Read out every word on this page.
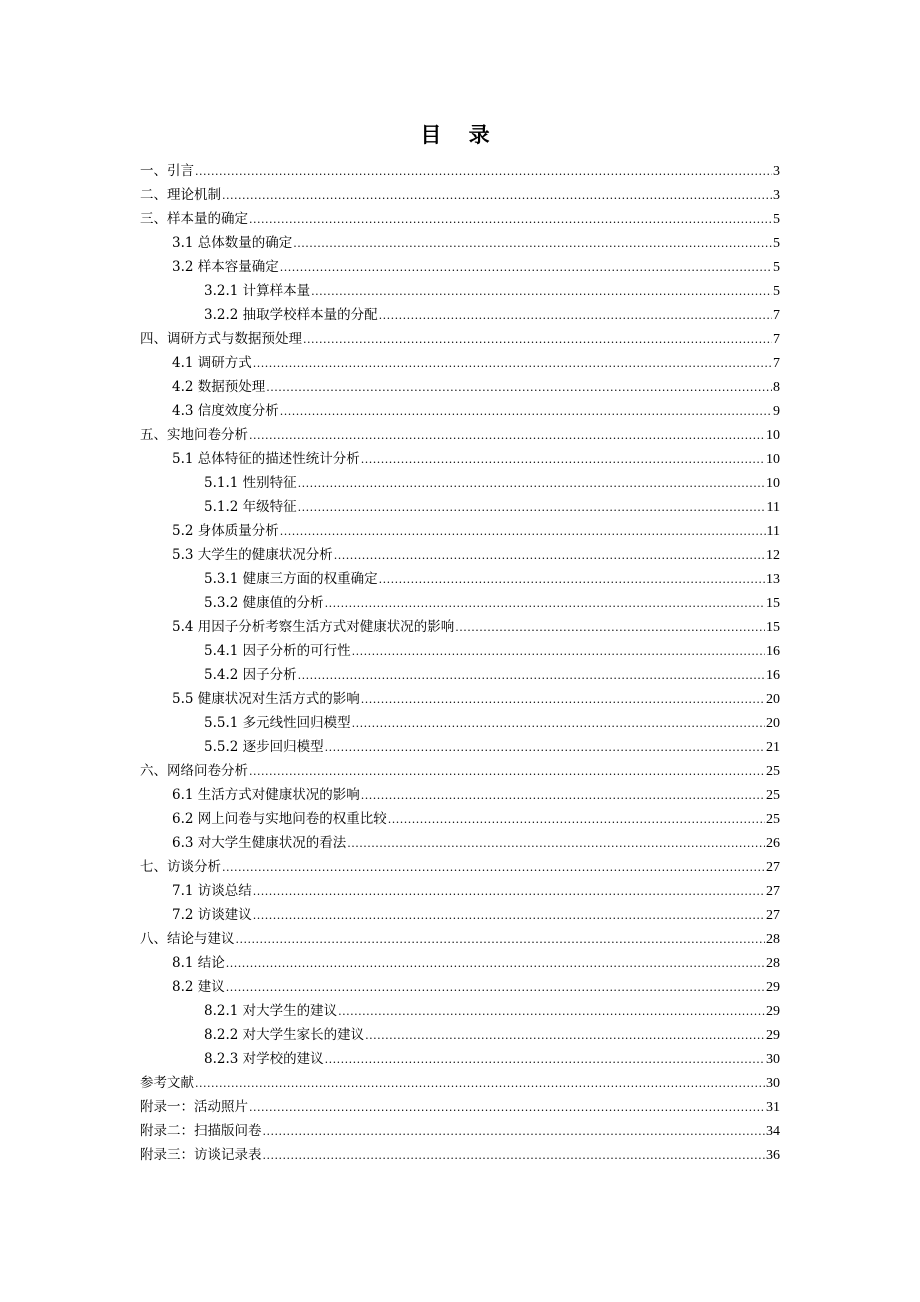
目 录
一、引言 .....	3
二、理论机制 .....	3
三、样本量的确定 .....	5
3.1 总体数量的确定 .....	5
3.2 样本容量确定 .....	5
3.2.1 计算样本量 .....	5
3.2.2 抽取学校样本量的分配 .....	7
四、调研方式与数据预处理 .....	7
4.1 调研方式 .....	7
4.2 数据预处理 .....	8
4.3 信度效度分析 .....	9
五、实地问卷分析 .....	10
5.1 总体特征的描述性统计分析 .....	10
5.1.1 性别特征 .....	10
5.1.2 年级特征 .....	11
5.2 身体质量分析 .....	11
5.3 大学生的健康状况分析 .....	12
5.3.1 健康三方面的权重确定 .....	13
5.3.2 健康值的分析 .....	15
5.4 用因子分析考察生活方式对健康状况的影响 .....	15
5.4.1 因子分析的可行性 .....	16
5.4.2 因子分析 .....	16
5.5 健康状况对生活方式的影响 .....	20
5.5.1 多元线性回归模型 .....	20
5.5.2 逐步回归模型 .....	21
六、网络问卷分析 .....	25
6.1 生活方式对健康状况的影响 .....	25
6.2 网上问卷与实地问卷的权重比较 .....	25
6.3 对大学生健康状况的看法 .....	26
七、访谈分析 .....	27
7.1 访谈总结 .....	27
7.2 访谈建议 .....	27
八、结论与建议 .....	28
8.1 结论 .....	28
8.2 建议 .....	29
8.2.1 对大学生的建议 .....	29
8.2.2 对大学生家长的建议 .....	29
8.2.3 对学校的建议 .....	30
参考文献 .....	30
附录一：活动照片 .....	31
附录二：扫描版问卷 .....	34
附录三：访谈记录表 .....	36
